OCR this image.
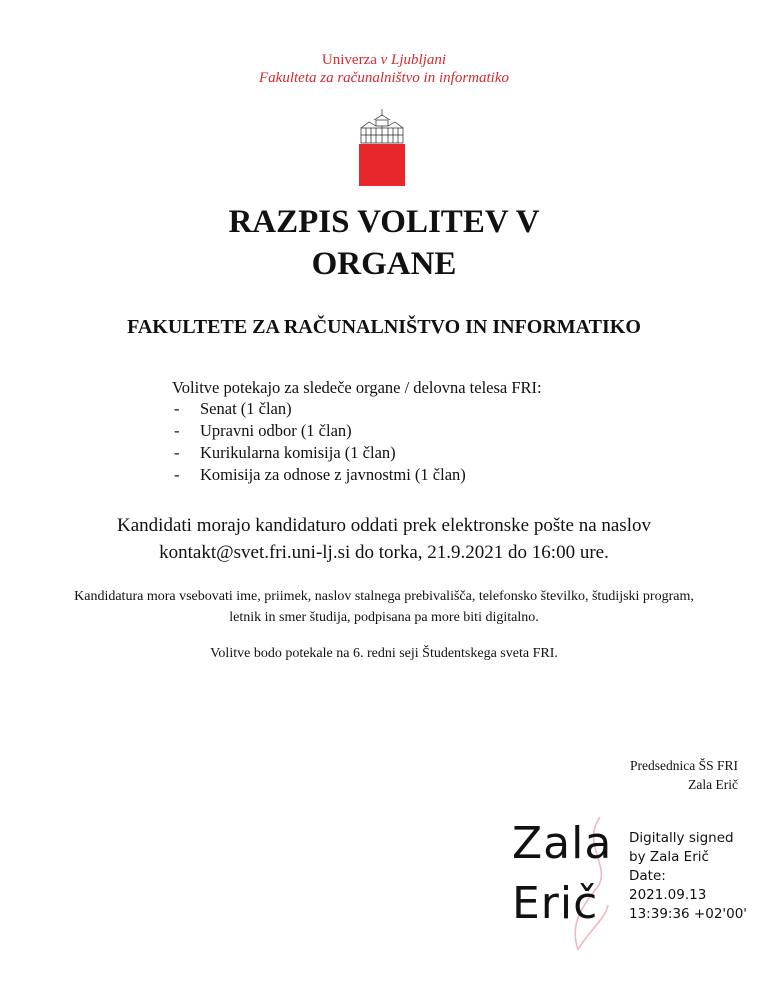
Univerza v Ljubljani
Fakulteta za računalništvo in informatiko
RAZPIS VOLITEV V
ORGANE
FAKULTETE ZA RAČUNALNIŠTVO IN INFORMATIKO
Volitve potekajo za sledeče organe / delovna telesa FRI:
- Senat (1 član)
- Upravni odbor (1 član)
- Kurikularna komisija (1 član)
- Komisija za odnose z javnostmi (1 član)
Kandidati morajo kandidaturo oddati prek elektronske pošte na naslov
kontakt@svet.fri.uni-lj.si do torka, 21.9.2021 do 16:00 ure.
Kandidatura mora vsebovati ime, priimek, naslov stalnega prebivališča, telefonsko številko, študijski program,
letnik in smer študija, podpisana pa more biti digitalno.
Volitve bodo potekale na 6. redni seji Študentskega sveta FRI.
Predsednica ŠS FRI
Zala Erič
Zala
Erič
Digitally signed
by Zala Erič
Date:
2021.09.13
13:39:36 +02'00'
